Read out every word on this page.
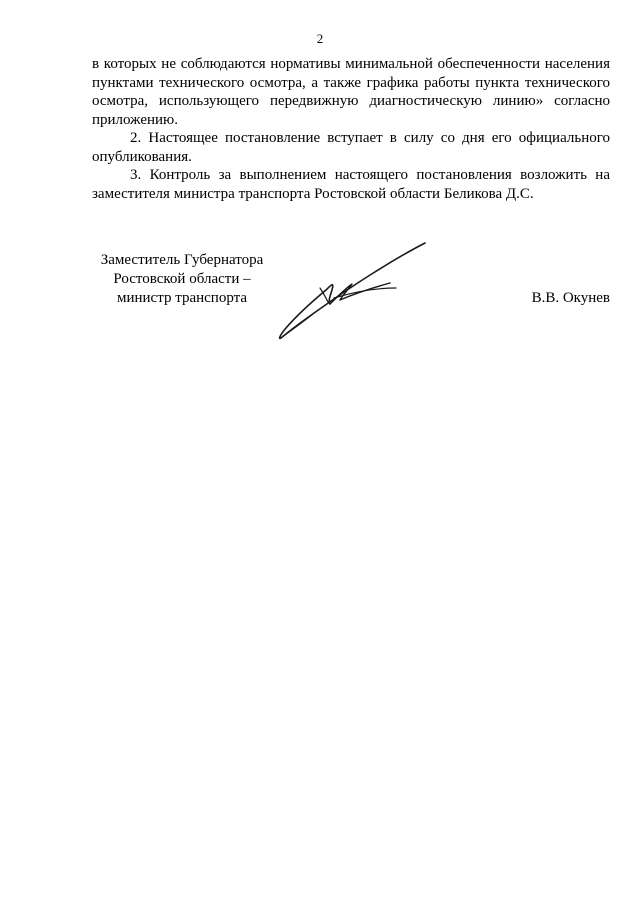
2

в которых не соблюдаются нормативы минимальной обеспеченности населения пунктами технического осмотра, а также графика работы пункта технического осмотра, использующего передвижную диагностическую линию» согласно приложению.

2. Настоящее постановление вступает в силу со дня его официального опубликования.

3. Контроль за выполнением настоящего постановления возложить на заместителя министра транспорта Ростовской области Беликова Д.С.

Заместитель Губернатора
Ростовской области –
министр транспорта	В.В. Окунев
